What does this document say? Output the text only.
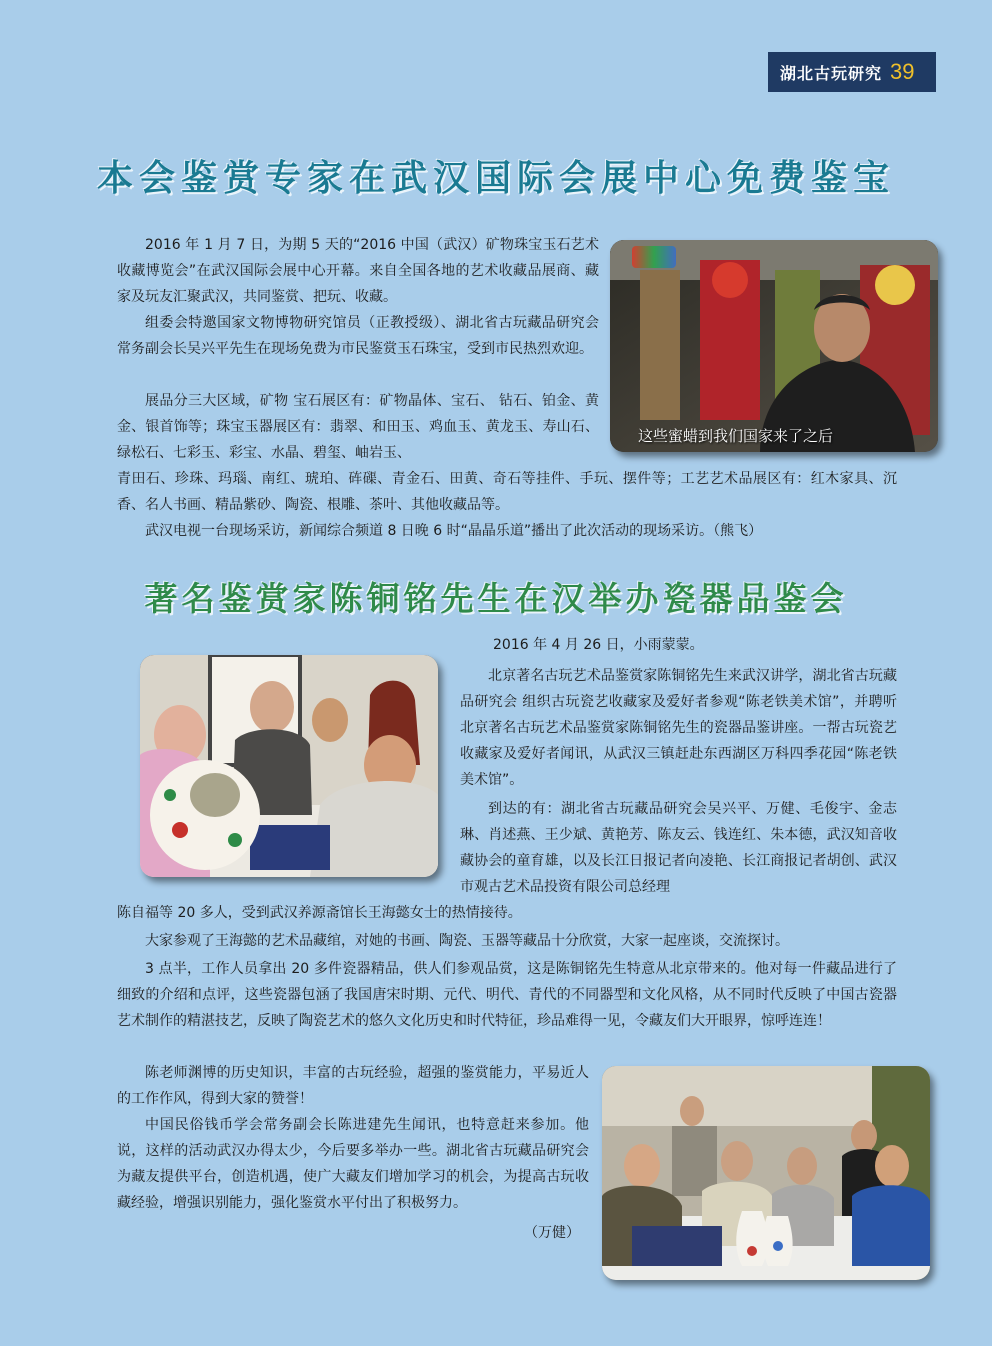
湖北古玩研究 39
本会鉴赏专家在武汉国际会展中心免费鉴宝

2016 年 1 月 7 日，为期 5 天的“2016 中国（武汉）矿物珠宝玉石艺术收藏博览会”在武汉国际会展中心开幕。来自全国各地的艺术收藏品展商、藏家及玩友汇聚武汉，共同鉴赏、把玩、收藏。

组委会特邀国家文物博物研究馆员（正教授级）、湖北省古玩藏品研究会常务副会长吴兴平先生在现场免费为市民鉴赏玉石珠宝，受到市民热烈欢迎。

展品分三大区域，矿物 宝石展区有：矿物晶体、宝石、 钻石、铂金、黄金、银首饰等；珠宝玉器展区有：翡翠、和田玉、鸡血玉、黄龙玉、寿山石、绿松石、七彩玉、彩宝、水晶、碧玺、岫岩玉、

青田石、珍珠、玛瑙、南红、琥珀、砗磲、青金石、田黄、奇石等挂件、手玩、摆件等；工艺艺术品展区有：红木家具、沉香、名人书画、精品紫砂、陶瓷、根雕、茶叶、其他收藏品等。

武汉电视一台现场采访，新闻综合频道 8 日晚 6 时“晶晶乐道”播出了此次活动的现场采访。（熊飞）

这些蜜蜡到我们国家来了之后
著名鉴赏家陈铜铭先生在汉举办瓷器品鉴会

2016 年 4 月 26 日，小雨蒙蒙。

北京著名古玩艺术品鉴赏家陈铜铭先生来武汉讲学，湖北省古玩藏品研究会 组织古玩瓷艺收藏家及爱好者参观“陈老铁美术馆”，并聘听北京著名古玩艺术品鉴赏家陈铜铭先生的瓷器品鉴讲座。一帮古玩瓷艺收藏家及爱好者闻讯，从武汉三镇赶赴东西湖区万科四季花园“陈老铁美术馆”。

到达的有：湖北省古玩藏品研究会吴兴平、万健、毛俊宇、金志琳、肖述燕、王少斌、黄艳芳、陈友云、钱连红、朱本德，武汉知音收藏协会的童育雄，以及长江日报记者向凌艳、长江商报记者胡创、武汉市观古艺术品投资有限公司总经理

陈自福等 20 多人，受到武汉养源斋馆长王海懿女士的热情接待。

大家参观了王海懿的艺术品藏绾，对她的书画、陶瓷、玉器等藏品十分欣赏，大家一起座谈，交流探讨。

3 点半，工作人员拿出 20 多件瓷器精品，供人们参观品赏，这是陈铜铭先生特意从北京带来的。他对每一件藏品进行了细致的介绍和点评，这些瓷器包涵了我国唐宋时期、元代、明代、青代的不同器型和文化风格，从不同时代反映了中国古瓷器艺术制作的精湛技艺，反映了陶瓷艺术的悠久文化历史和时代特征，珍品难得一见，令藏友们大开眼界，惊呼连连！

陈老师渊博的历史知识，丰富的古玩经验，超强的鉴赏能力，平易近人的工作作风，得到大家的赞誉！

中国民俗钱币学会常务副会长陈进建先生闻讯，也特意赶来参加。他说，这样的活动武汉办得太少，今后要多举办一些。湖北省古玩藏品研究会为藏友提供平台，创造机遇，使广大藏友们增加学习的机会，为提高古玩收藏经验，增强识别能力，强化鉴赏水平付出了积极努力。

（万健）
